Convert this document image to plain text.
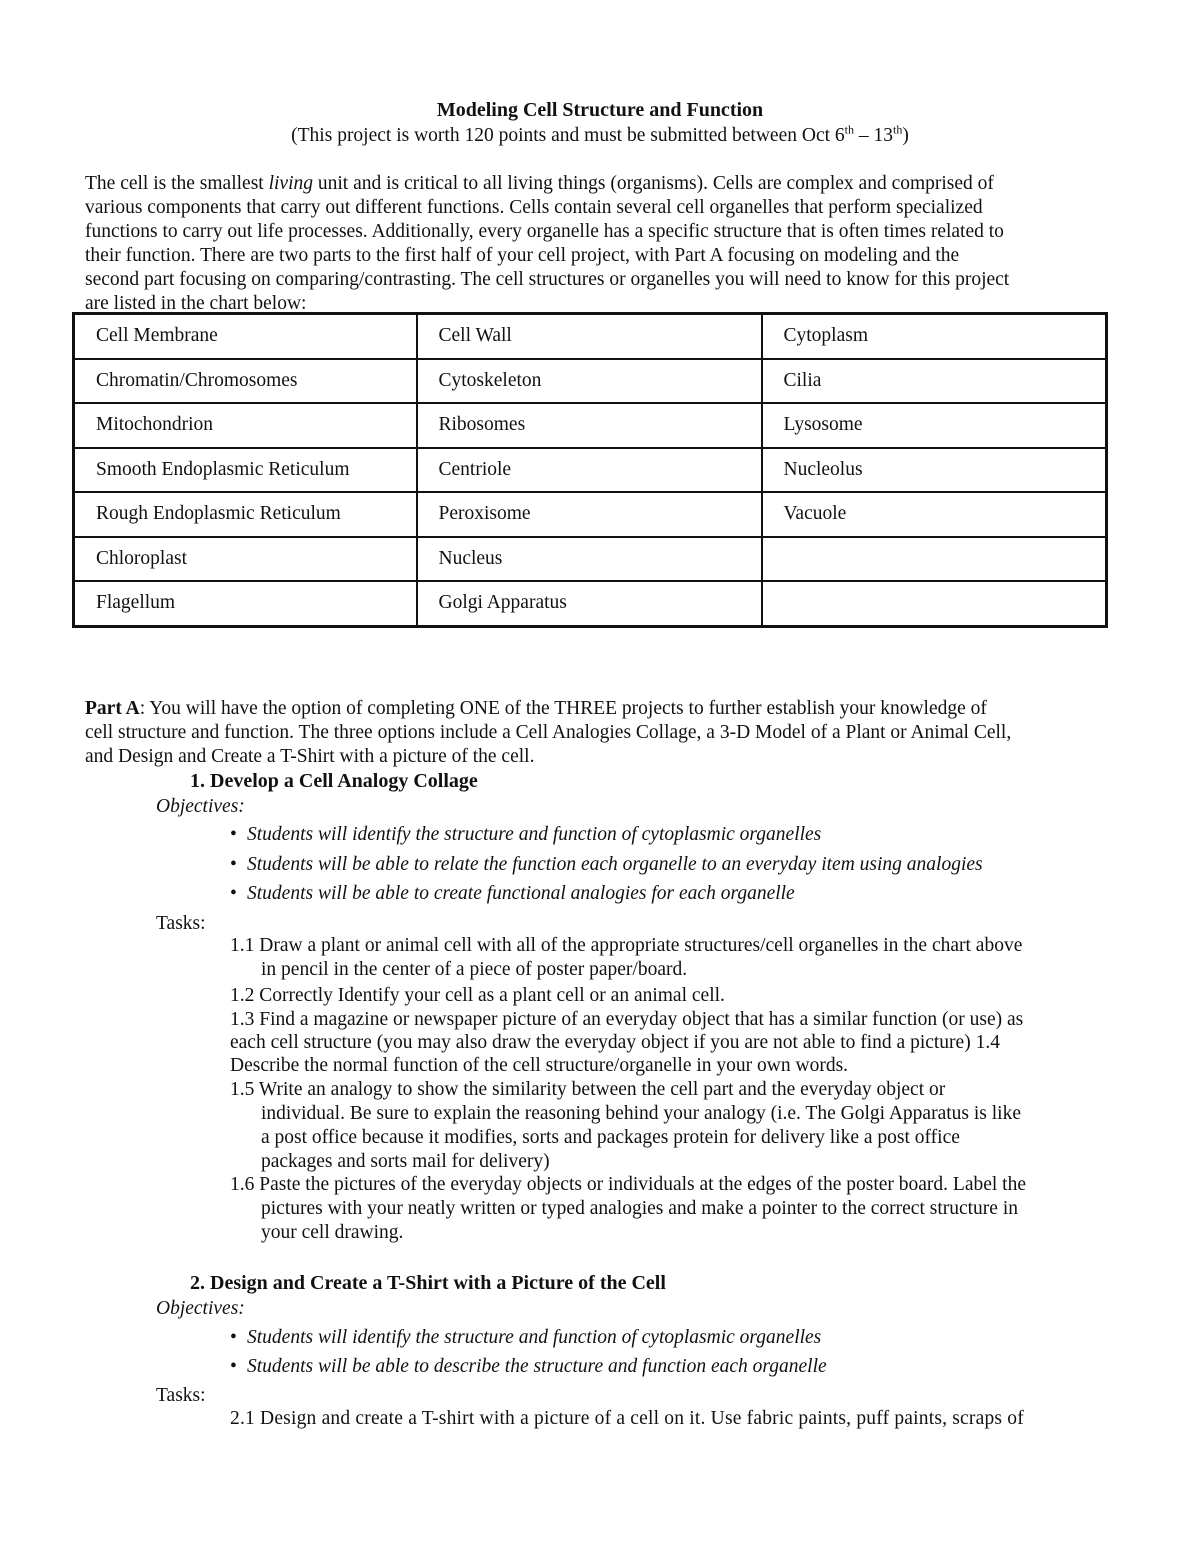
Modeling Cell Structure and Function
(This project is worth 120 points and must be submitted between Oct 6th – 13th)
The cell is the smallest living unit and is critical to all living things (organisms). Cells are complex and comprised of
various components that carry out different functions. Cells contain several cell organelles that perform specialized
functions to carry out life processes. Additionally, every organelle has a specific structure that is often times related to
their function. There are two parts to the first half of your cell project, with Part A focusing on modeling and the
second part focusing on comparing/contrasting. The cell structures or organelles you will need to know for this project
are listed in the chart below:
Cell Membrane	Cell Wall	Cytoplasm
Chromatin/Chromosomes	Cytoskeleton	Cilia
Mitochondrion	Ribosomes	Lysosome
Smooth Endoplasmic Reticulum	Centriole	Nucleolus
Rough Endoplasmic Reticulum	Peroxisome	Vacuole
Chloroplast	Nucleus	
Flagellum	Golgi Apparatus	
Part A: You will have the option of completing ONE of the THREE projects to further establish your knowledge of
cell structure and function. The three options include a Cell Analogies Collage, a 3-D Model of a Plant or Animal Cell,
and Design and Create a T-Shirt with a picture of the cell.
1. Develop a Cell Analogy Collage
Objectives:
• Students will identify the structure and function of cytoplasmic organelles
• Students will be able to relate the function each organelle to an everyday item using analogies
• Students will be able to create functional analogies for each organelle
Tasks:
1.1 Draw a plant or animal cell with all of the appropriate structures/cell organelles in the chart above
in pencil in the center of a piece of poster paper/board.
1.2 Correctly Identify your cell as a plant cell or an animal cell.
1.3 Find a magazine or newspaper picture of an everyday object that has a similar function (or use) as
each cell structure (you may also draw the everyday object if you are not able to find a picture) 1.4
Describe the normal function of the cell structure/organelle in your own words.
1.5 Write an analogy to show the similarity between the cell part and the everyday object or
individual. Be sure to explain the reasoning behind your analogy (i.e. The Golgi Apparatus is like
a post office because it modifies, sorts and packages protein for delivery like a post office
packages and sorts mail for delivery)
1.6 Paste the pictures of the everyday objects or individuals at the edges of the poster board. Label the
pictures with your neatly written or typed analogies and make a pointer to the correct structure in
your cell drawing.
2. Design and Create a T-Shirt with a Picture of the Cell
Objectives:
• Students will identify the structure and function of cytoplasmic organelles
• Students will be able to describe the structure and function each organelle
Tasks:
2.1 Design and create a T-shirt with a picture of a cell on it. Use fabric paints, puff paints, scraps of
